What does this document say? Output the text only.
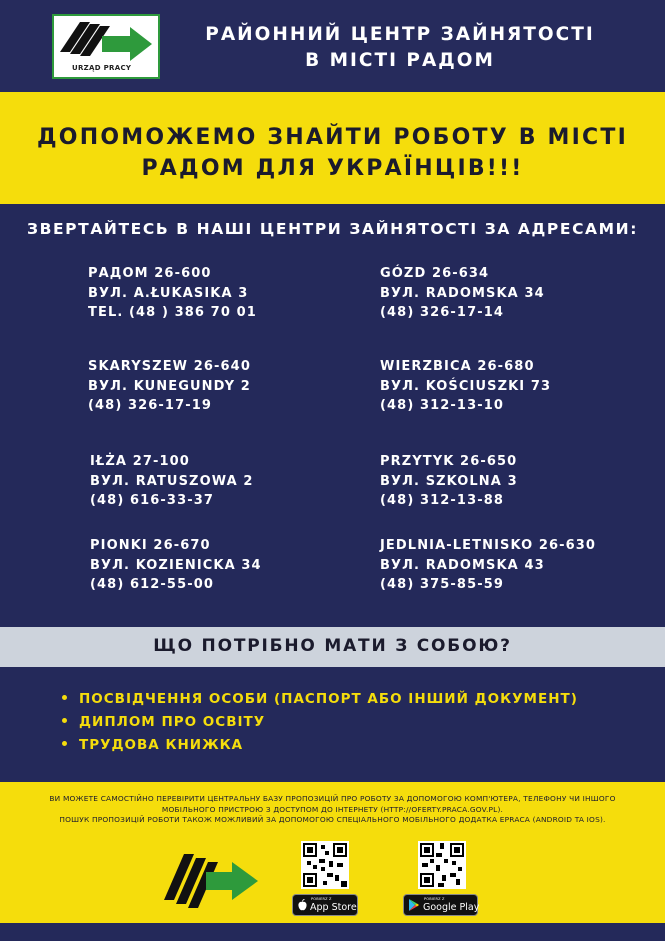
URZĄD PRACY
РАЙОННИЙ ЦЕНТР ЗАЙНЯТОСТІ
В МІСТІ РАДОМ
ДОПОМОЖЕМО ЗНАЙТИ РОБОТУ В МІСТІ
РАДОМ ДЛЯ УКРАЇНЦІВ!!!
ЗВЕРТАЙТЕСЬ В НАШІ ЦЕНТРИ ЗАЙНЯТОСТІ ЗА АДРЕСАМИ:
РАДОМ 26-600
ВУЛ. А.ŁUKASIKA 3
TEL. (48 ) 386 70 01
GÓZD 26-634
ВУЛ. RADOMSKA 34
(48) 326-17-14
SKARYSZEW 26-640
ВУЛ. KUNEGUNDY 2
(48) 326-17-19
WIERZBICA 26-680
ВУЛ. KOŚCIUSZKI 73
(48) 312-13-10
IŁŻA 27-100
ВУЛ. RATUSZOWA 2
(48) 616-33-37
PRZYTYK 26-650
ВУЛ. SZKOLNA 3
(48) 312-13-88
PIONKI 26-670
ВУЛ. KOZIENICKA 34
(48) 612-55-00
JEDLNIA-LETNISKO 26-630
ВУЛ. RADOMSKA 43
(48) 375-85-59
ЩО ПОТРІБНО МАТИ З СОБОЮ?
ПОСВІДЧЕННЯ ОСОБИ (ПАСПОРТ АБО ІНШИЙ ДОКУМЕНТ)
ДИПЛОМ ПРО ОСВІТУ
ТРУДОВА КНИЖКА
ВИ МОЖЕТЕ САМОСТІЙНО ПЕРЕВІРИТИ ЦЕНТРАЛЬНУ БАЗУ ПРОПОЗИЦІЙ ПРО РОБОТУ ЗА ДОПОМОГОЮ КОМП'ЮТЕРА, ТЕЛЕФОНУ ЧИ ІНШОГО
МОБІЛЬНОГО ПРИСТРОЮ З ДОСТУПОМ ДО ІНТЕРНЕТУ (HTTP://OFERTY.PRACA.GOV.PL).
ПОШУК ПРОПОЗИЦІЙ РОБОТИ ТАКОЖ МОЖЛИВИЙ ЗА ДОПОМОГОЮ СПЕЦІАЛЬНОГО МОБІЛЬНОГО ДОДАТКА EPRACA (ANDROID TA IOS).
POBIERZ Z
App Store
POBIERZ Z
Google Play
